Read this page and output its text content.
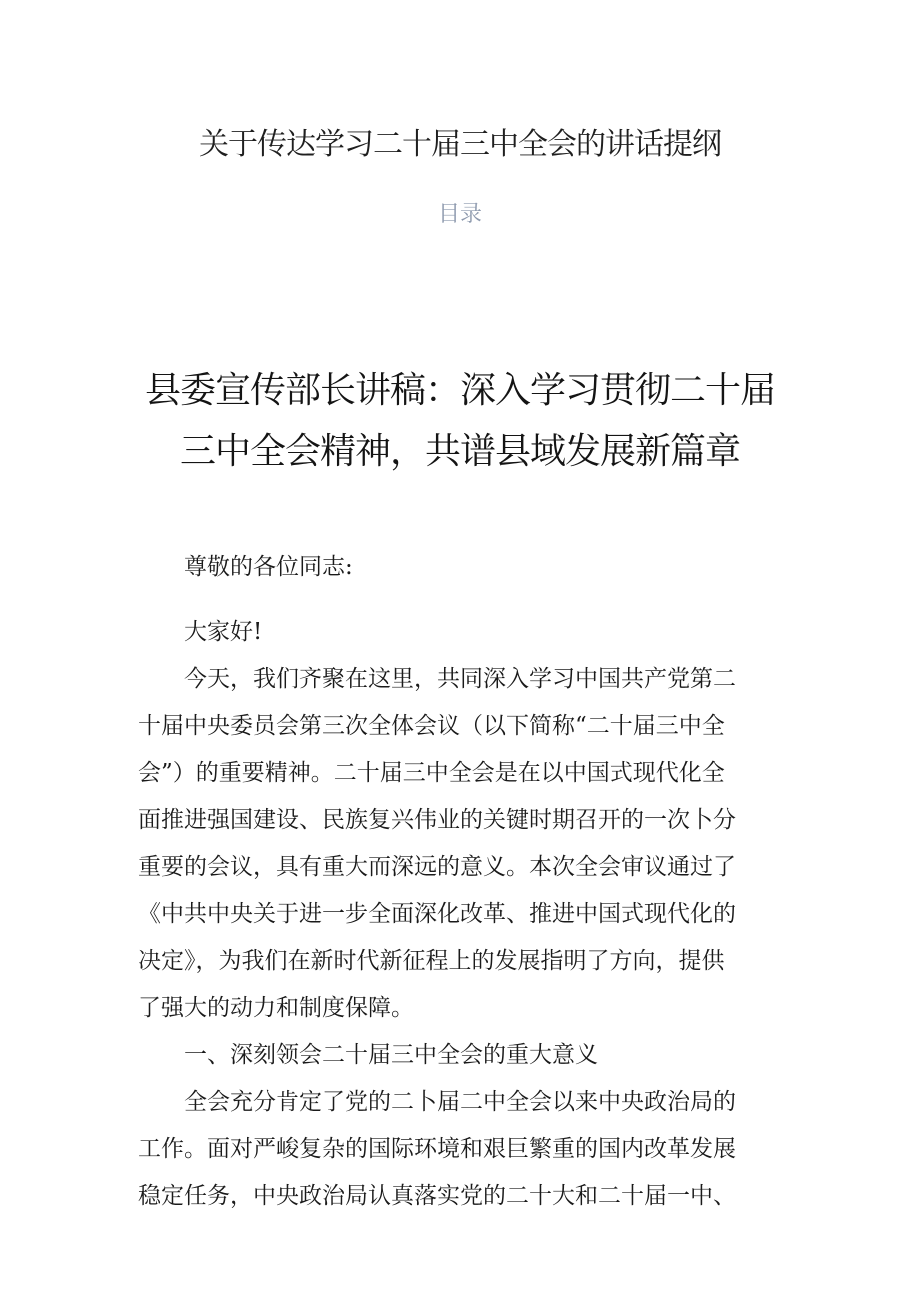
关于传达学习二十届三中全会的讲话提纲
目录
县委宣传部长讲稿：深入学习贯彻二十届
三中全会精神，共谱县域发展新篇章
尊敬的各位同志:
大家好!
今天，我们齐聚在这里，共同深入学习中国共产党第二
十届中央委员会第三次全体会议（以下简称“二十届三中全
会”）的重要精神。二十届三中全会是在以中国式现代化全
面推进强国建设、民族复兴伟业的关键时期召开的一次卜分
重要的会议，具有重大而深远的意义。本次全会审议通过了
《中共中央关于进一步全面深化改革、推进中国式现代化的
决定》，为我们在新时代新征程上的发展指明了方向，提供
了强大的动力和制度保障。
一、深刻领会二十届三中全会的重大意义
全会充分肯定了党的二卜届二中全会以来中央政治局的
工作。面对严峻复杂的国际环境和艰巨繁重的国内改革发展
稳定任务，中央政治局认真落实党的二十大和二十届一中、
